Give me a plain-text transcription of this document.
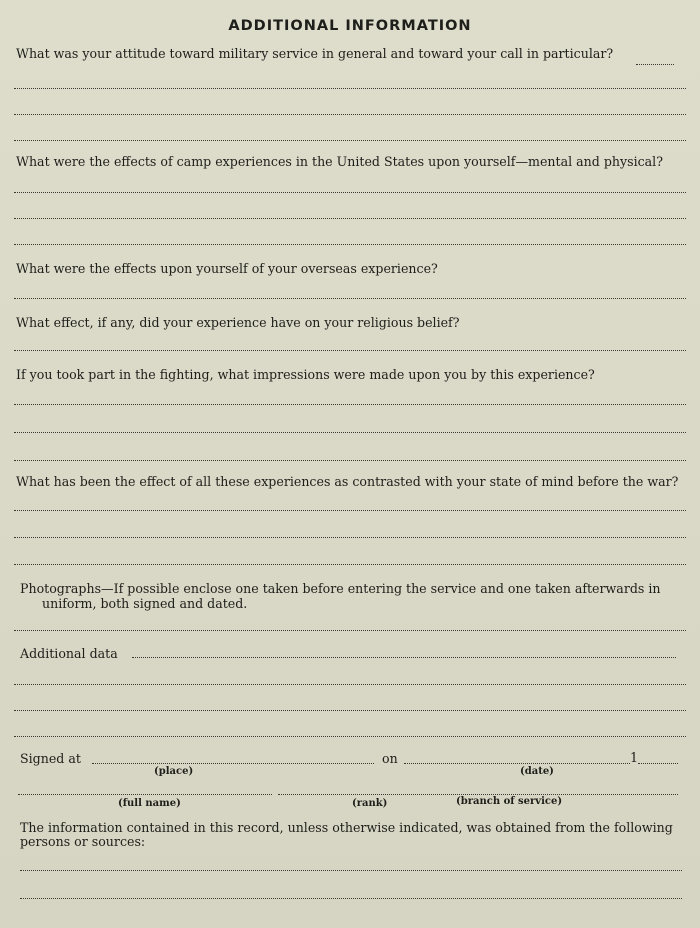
ADDITIONAL INFORMATION
What was your attitude toward military service in general and toward your call in particular?
What were the effects of camp experiences in the United States upon yourself—mental and physical?
What were the effects upon yourself of your overseas experience?
What effect, if any, did your experience have on your religious belief?
If you took part in the fighting, what impressions were made upon you by this experience?
What has been the effect of all these experiences as contrasted with your state of mind before the war?
Photographs—If possible enclose one taken before entering the service and one taken afterwards in
uniform, both signed and dated.
Additional data
Signed at	on	1
(place)	(date)
(full name)	(rank)	(branch of service)
The information contained in this record, unless otherwise indicated, was obtained from the following
persons or sources:
